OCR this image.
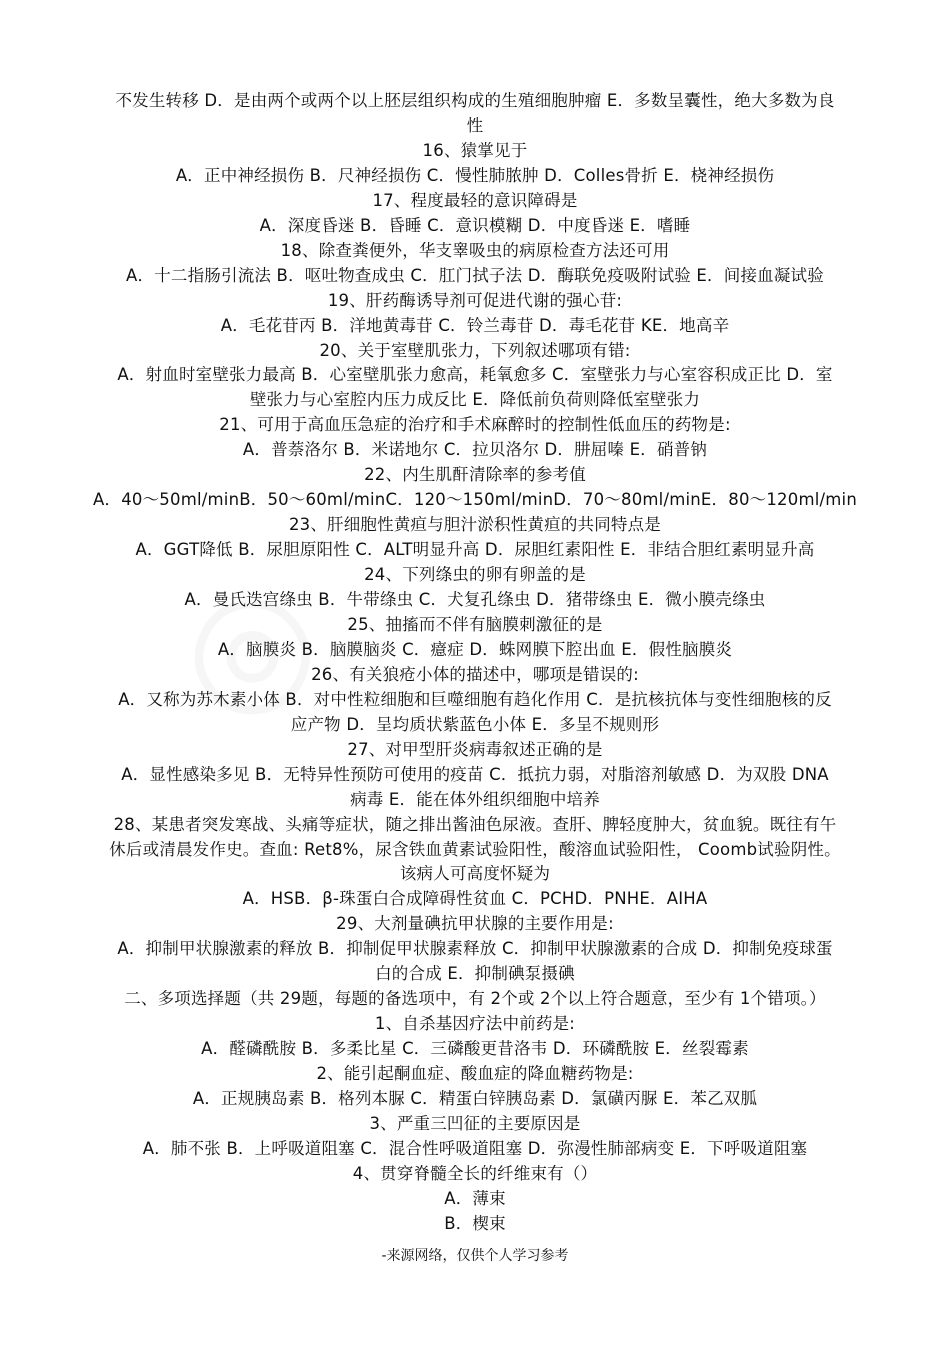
不发生转移 D．是由两个或两个以上胚层组织构成的生殖细胞肿瘤 E．多数呈囊性，绝大多数为良
性
16、猿掌见于
A．正中神经损伤 B．尺神经损伤 C．慢性肺脓肿 D．Colles骨折 E．桡神经损伤
17、程度最轻的意识障碍是
A．深度昏迷 B．昏睡 C．意识模糊 D．中度昏迷 E．嗜睡
18、除查粪便外，华支睾吸虫的病原检查方法还可用
A．十二指肠引流法 B．呕吐物查成虫 C．肛门拭子法 D．酶联免疫吸附试验 E．间接血凝试验
19、肝药酶诱导剂可促进代谢的强心苷:
A．毛花苷丙 B．洋地黄毒苷 C．铃兰毒苷 D．毒毛花苷 KE．地高辛
20、关于室壁肌张力，下列叙述哪项有错:
A．射血时室壁张力最高 B．心室壁肌张力愈高，耗氧愈多 C．室壁张力与心室容积成正比 D．室
壁张力与心室腔内压力成反比 E．降低前负荷则降低室壁张力
21、可用于高血压急症的治疗和手术麻醉时的控制性低血压的药物是:
A．普萘洛尔 B．米诺地尔 C．拉贝洛尔 D．肼屈嗪 E．硝普钠
22、内生肌酐清除率的参考值
A．40～50ml/minB．50～60ml/minC．120～150ml/minD．70～80ml/minE．80～120ml/min
23、肝细胞性黄疸与胆汁淤积性黄疸的共同特点是
A．GGT降低 B．尿胆原阳性 C．ALT明显升高 D．尿胆红素阳性 E．非结合胆红素明显升高
24、下列绦虫的卵有卵盖的是
A．曼氏迭宫绦虫 B．牛带绦虫 C．犬复孔绦虫 D．猪带绦虫 E．微小膜壳绦虫
25、抽搐而不伴有脑膜刺激征的是
A．脑膜炎 B．脑膜脑炎 C．癔症 D．蛛网膜下腔出血 E．假性脑膜炎
26、有关狼疮小体的描述中，哪项是错误的:
A．又称为苏木素小体 B．对中性粒细胞和巨噬细胞有趋化作用 C．是抗核抗体与变性细胞核的反
应产物 D．呈均质状紫蓝色小体 E．多呈不规则形
27、对甲型肝炎病毒叙述正确的是
A．显性感染多见 B．无特异性预防可使用的疫苗 C．抵抗力弱，对脂溶剂敏感 D．为双股 DNA
病毒 E．能在体外组织细胞中培养
28、某患者突发寒战、头痛等症状，随之排出酱油色尿液。查肝、脾轻度肿大，贫血貌。既往有午
休后或清晨发作史。查血: Ret8%，尿含铁血黄素试验阳性，酸溶血试验阳性， Coomb试验阴性。
该病人可高度怀疑为
A．HSB．β-珠蛋白合成障碍性贫血 C．PCHD．PNHE．AIHA
29、大剂量碘抗甲状腺的主要作用是:
A．抑制甲状腺激素的释放 B．抑制促甲状腺素释放 C．抑制甲状腺激素的合成 D．抑制免疫球蛋
白的合成 E．抑制碘泵摄碘
二、多项选择题（共 29题，每题的备选项中，有 2个或 2个以上符合题意，至少有 1个错项。）
1、自杀基因疗法中前药是:
A．醛磷酰胺 B．多柔比星 C．三磷酸更昔洛韦 D．环磷酰胺 E．丝裂霉素
2、能引起酮血症、酸血症的降血糖药物是:
A．正规胰岛素 B．格列本脲 C．精蛋白锌胰岛素 D．氯磺丙脲 E．苯乙双胍
3、严重三凹征的主要原因是
A．肺不张 B．上呼吸道阻塞 C．混合性呼吸道阻塞 D．弥漫性肺部病变 E．下呼吸道阻塞
4、贯穿脊髓全长的纤维束有（）
A．薄束
B．楔束
-来源网络，仅供个人学习参考
